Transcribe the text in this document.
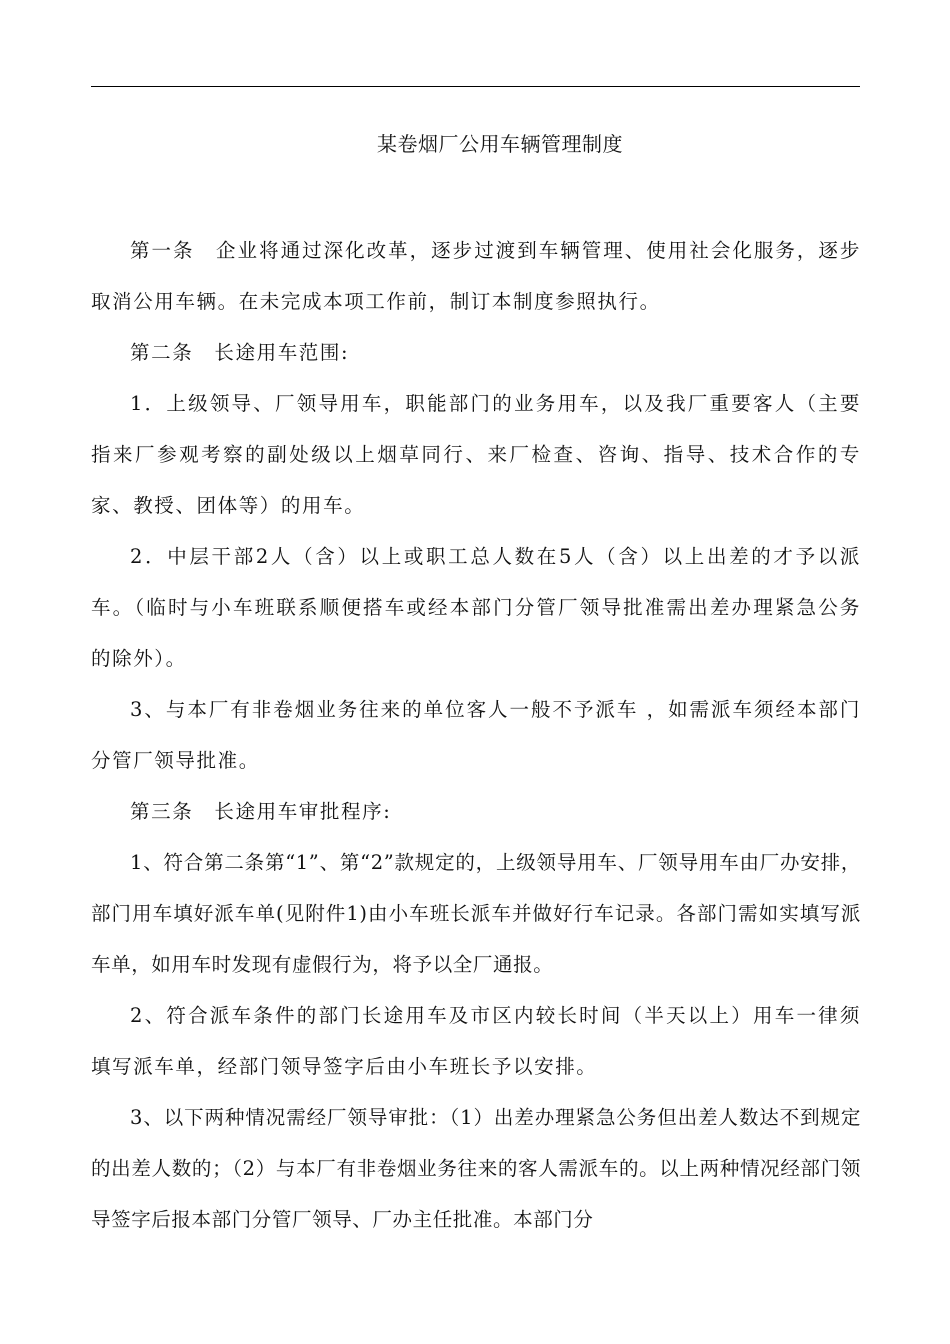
某卷烟厂公用车辆管理制度

第一条　企业将通过深化改革，逐步过渡到车辆管理、使用社会化服务，逐步取消公用车辆。在未完成本项工作前，制订本制度参照执行。

第二条　长途用车范围:

1．上级领导、厂领导用车，职能部门的业务用车，以及我厂重要客人（主要指来厂参观考察的副处级以上烟草同行、来厂检查、咨询、指导、技术合作的专家、教授、团体等）的用车。

2．中层干部2人（含）以上或职工总人数在5人（含）以上出差的才予以派车。（临时与小车班联系顺便搭车或经本部门分管厂领导批准需出差办理紧急公务的除外）。

3、与本厂有非卷烟业务往来的单位客人一般不予派车 ，如需派车须经本部门分管厂领导批准。

第三条　长途用车审批程序:

1、符合第二条第“1”、第“2”款规定的，上级领导用车、厂领导用车由厂办安排，部门用车填好派车单(见附件1)由小车班长派车并做好行车记录。各部门需如实填写派车单，如用车时发现有虚假行为，将予以全厂通报。

2、符合派车条件的部门长途用车及市区内较长时间（半天以上）用车一律须填写派车单，经部门领导签字后由小车班长予以安排。

3、以下两种情况需经厂领导审批：（1）出差办理紧急公务但出差人数达不到规定的出差人数的；（2）与本厂有非卷烟业务往来的客人需派车的。以上两种情况经部门领导签字后报本部门分管厂领导、厂办主任批准。本部门分
